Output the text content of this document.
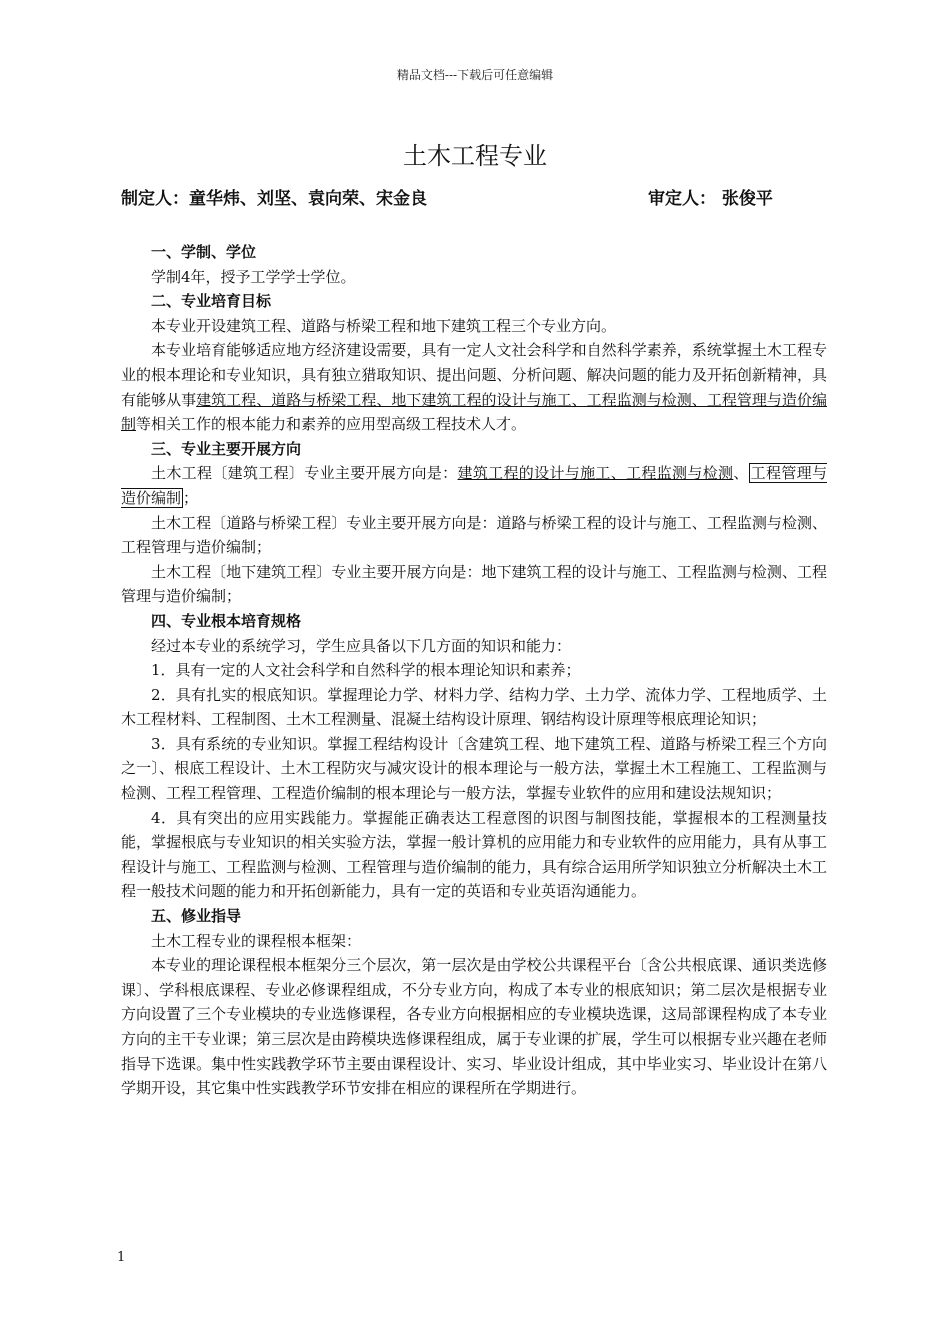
精品文档---下载后可任意编辑
土木工程专业
制定人：童华炜、刘坚、袁向荣、宋金良	审定人： 张俊平

一、学制、学位

学制4年，授予工学学士学位。

二、专业培育目标

本专业开设建筑工程、道路与桥梁工程和地下建筑工程三个专业方向。

本专业培育能够适应地方经济建设需要，具有一定人文社会科学和自然科学素养，系统掌握土木工程专业的根本理论和专业知识，具有独立猎取知识、提出问题、分析问题、解决问题的能力及开拓创新精神，具有能够从事建筑工程、道路与桥梁工程、地下建筑工程的设计与施工、工程监测与检测、工程管理与造价编制等相关工作的根本能力和素养的应用型高级工程技术人才。

三、专业主要开展方向

土木工程〔建筑工程〕专业主要开展方向是：建筑工程的设计与施工、工程监测与检测、 工程管理与造价编制 ；

土木工程〔道路与桥梁工程〕专业主要开展方向是：道路与桥梁工程的设计与施工、工程监测与检测、工程管理与造价编制；

土木工程〔地下建筑工程〕专业主要开展方向是：地下建筑工程的设计与施工、工程监测与检测、工程管理与造价编制；

四、专业根本培育规格

经过本专业的系统学习，学生应具备以下几方面的知识和能力：

1．具有一定的人文社会科学和自然科学的根本理论知识和素养；

2．具有扎实的根底知识。掌握理论力学、材料力学、结构力学、土力学、流体力学、工程地质学、土木工程材料、工程制图、土木工程测量、混凝土结构设计原理、钢结构设计原理等根底理论知识；

3．具有系统的专业知识。掌握工程结构设计〔含建筑工程、地下建筑工程、道路与桥梁工程三个方向之一〕、根底工程设计、土木工程防灾与减灾设计的根本理论与一般方法，掌握土木工程施工、工程监测与检测、工程工程管理、工程造价编制的根本理论与一般方法，掌握专业软件的应用和建设法规知识；

4．具有突出的应用实践能力。掌握能正确表达工程意图的识图与制图技能，掌握根本的工程测量技能，掌握根底与专业知识的相关实验方法，掌握一般计算机的应用能力和专业软件的应用能力，具有从事工程设计与施工、工程监测与检测、工程管理与造价编制的能力，具有综合运用所学知识独立分析解决土木工程一般技术问题的能力和开拓创新能力，具有一定的英语和专业英语沟通能力。

五、修业指导

土木工程专业的课程根本框架：

本专业的理论课程根本框架分三个层次，第一层次是由学校公共课程平台〔含公共根底课、通识类选修课〕、学科根底课程、专业必修课程组成，不分专业方向，构成了本专业的根底知识；第二层次是根据专业方向设置了三个专业模块的专业选修课程，各专业方向根据相应的专业模块选课，这局部课程构成了本专业方向的主干专业课；第三层次是由跨模块选修课程组成，属于专业课的扩展，学生可以根据专业兴趣在老师指导下选课。集中性实践教学环节主要由课程设计、实习、毕业设计组成，其中毕业实习、毕业设计在第八学期开设，其它集中性实践教学环节安排在相应的课程所在学期进行。

1
